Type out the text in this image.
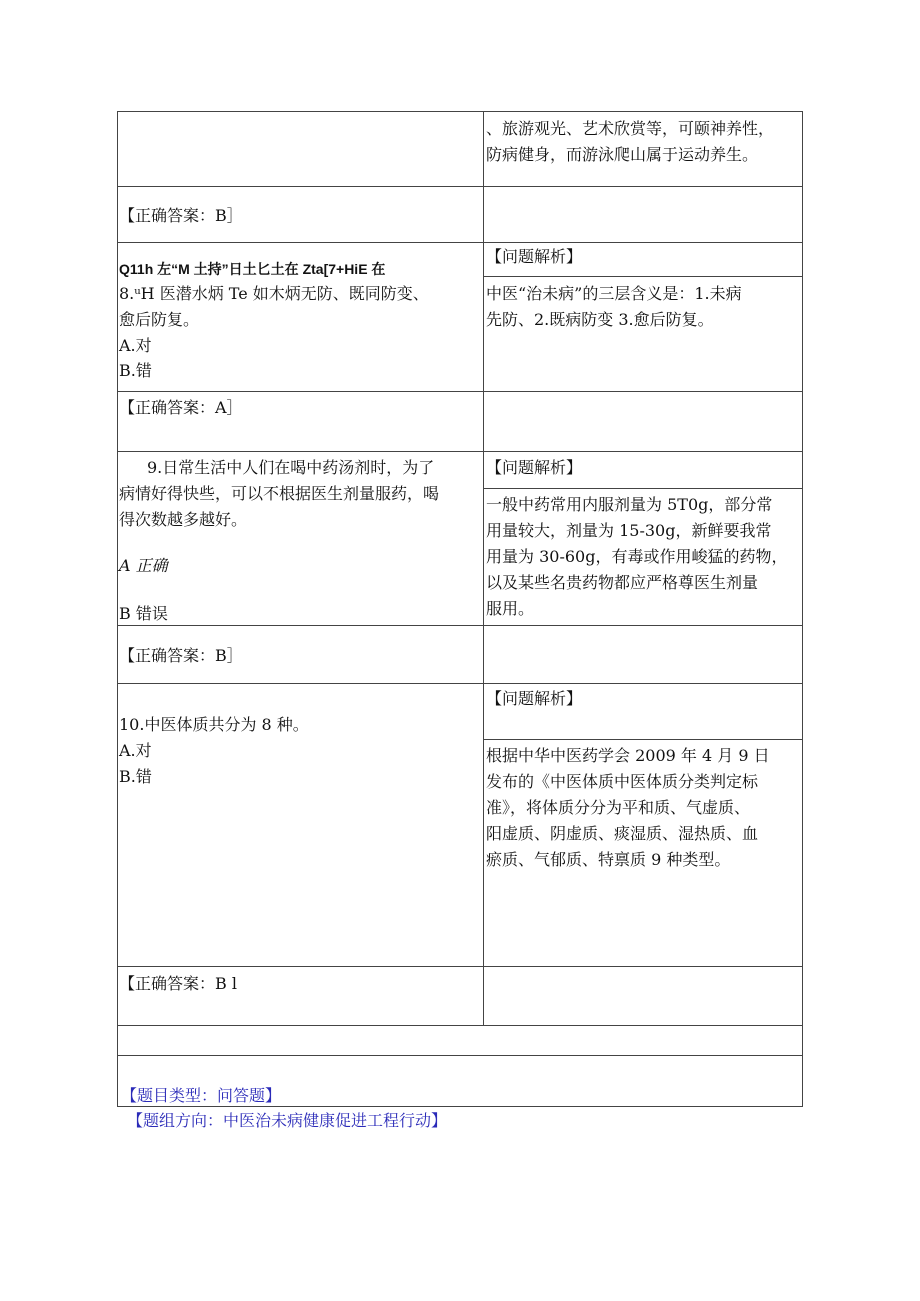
、旅游观光、艺术欣赏等，可颐神养性，
防病健身，而游泳爬山属于运动养生。
【正确答案：B］
Q11h 左“M 土持”日土匕土在 Zta[7+HiE 在
【问题解析】
8.ᵘH 医潜水炳 Te 如木炳无防、既同防变、
愈后防复。
A.对
B.错
中医“治未病”的三层含义是：1.未病
先防、2.既病防变 3.愈后防复。
【正确答案：A］
9.日常生活中人们在喝中药汤剂时，为了
病情好得快些，可以不根据医生剂量服药，喝
得次数越多越好。
A 正确
B 错误
【问题解析】
一般中药常用内服剂量为 5T0g，部分常
用量较大，剂量为 15-30g，新鲜要我常
用量为 30-60g，有毒或作用峻猛的药物，
以及某些名贵药物都应严格尊医生剂量
服用。
【正确答案：B］
【问题解析】
10.中医体质共分为 8 种。
A.对
B.错
根据中华中医药学会 2009 年 4 月 9 日
发布的《中医体质中医体质分类判定标
准》，将体质分分为平和质、气虚质、
阳虚质、阴虚质、痰湿质、湿热质、血
瘀质、气郁质、特禀质 9 种类型。
【正确答案：B l
【题目类型：问答题】
【题组方向：中医治未病健康促进工程行动】
